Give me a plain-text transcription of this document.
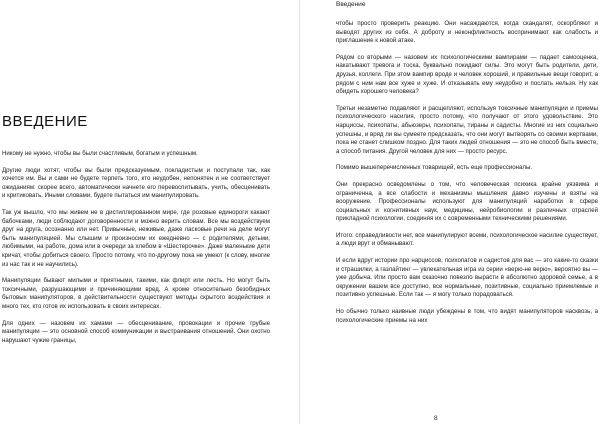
ВВЕДЕНИЕ

Никому не нужно, чтобы вы были счастливым, богатым и успешным.

Другие люди хотят, чтобы вы были предсказуемым, покладистым и поступали так, как хочется им. Вы и сами не будете терпеть того, кто неудобен, непонятен и не соответствует ожиданиям: скорее всего, автоматически начнете его перевоспитывать, учить, обесценивать и критиковать. Иными словами, будете пытаться им манипулировать.

Так уж вышло, что мы живем не в дистиллированном мире, где розовые единороги какают бабочками, люди соблюдают договоренности и можно верить словам. Все мы воздействуем друг на друга, осознанно или нет. Привычные, неживые, даже ласковые речи на деле могут быть манипуляцией. Мы слышим и произносим их ежедневно — с родителями, детьми, любимыми, на работе, дома или в очереди за хлебом в «Шестерочке». Даже маленькие дети кричат, чтобы добиться своего. Просто потому, что по-другому пока не умеют (к слову, многие из нас так и не научились).

Манипуляции бывают милыми и приятными, такими, как флирт или лесть. Но могут быть токсичными, разрушающими и причиняющими вред. А кроме относительно безобидных бытовых манипуляторов, в действительности существуют методы скрытого воздействия и много тех, кто готов их использовать в своих интересах.

Для одних — назовем их хамами — обесценивание, провокации и прочие грубые манипуляции — это основной способ коммуникации и выстраивания отношений. Они охотно нарушают чужие границы,

Введение

чтобы просто проверить реакцию. Они насаждаются, когда скандалят, оскорбляют и выводят других из себя. А доброту и неконфликтность воспринимают как слабость и приглашение к новой атаке.

Рядом со вторыми — назовем их психологическими вампирами — падает самооценка, накатывают тревога и тоска, буквально покидают силы. Это могут быть родители, дети, друзья, коллеги. При этом вампир вроде и человек хороший, и правильные вещи говорит, а рядом с ним нам все хуже и хуже. И отказывать ему неудобно и послать нельзя. Ну как обидеть хорошего человека?

Третьи незаметно подавляют и расщепляют, используя токсичные манипуляции и приемы психологического насилия, просто потому, что получают от этого удовольствие. Это нарциссы, психопаты, абьюзеры, психопаты, тираны и садисты. Многие из них социально успешны, и вряд ли вы сумеете предсказать, что они могут вытворять со своими жертвами, пока не станет слишком поздно. Для таких людей отношения — это не способ быть вместе, а способ питания. Другой человек для них — просто ресурс.

Помимо вышеперечисленных товарищей, есть еще профессионалы.

Они прекрасно осведомлены о том, что человеческая психика крайне уязвима и ограниченна, а все слабости и механизмы мышления давно изучены и взяты на вооружение. Профессионалы используют для манипуляций наработки в сфере социальных и когнитивных наук, медицины, нейробиологии и различных отраслей прикладной психологии, соединяя их с современными техническими решениями.

Итого: справедливости нет, все манипулируют всеми, психологическое насилие существует, а люди врут и обманывают.

И если вдруг истории про нарциссов, психопатов и садистов для вас — это какие-то сказки и страшилки, а газлайтинг — увлекательная игра из серии «верю-не верю», вероятно вы — уже добыча. Или просто вам сказочно повезло вырасти в абсолютно здоровой семье, а в окружении вашем все доступно, все нормальные, позитивные, социально приемлемые и позитивно успешные. Если так — я могу только порадоваться.

Но обычно только наивные люди убеждены в том, что видят манипуляторов насквозь, а психологические приемы на них

8
